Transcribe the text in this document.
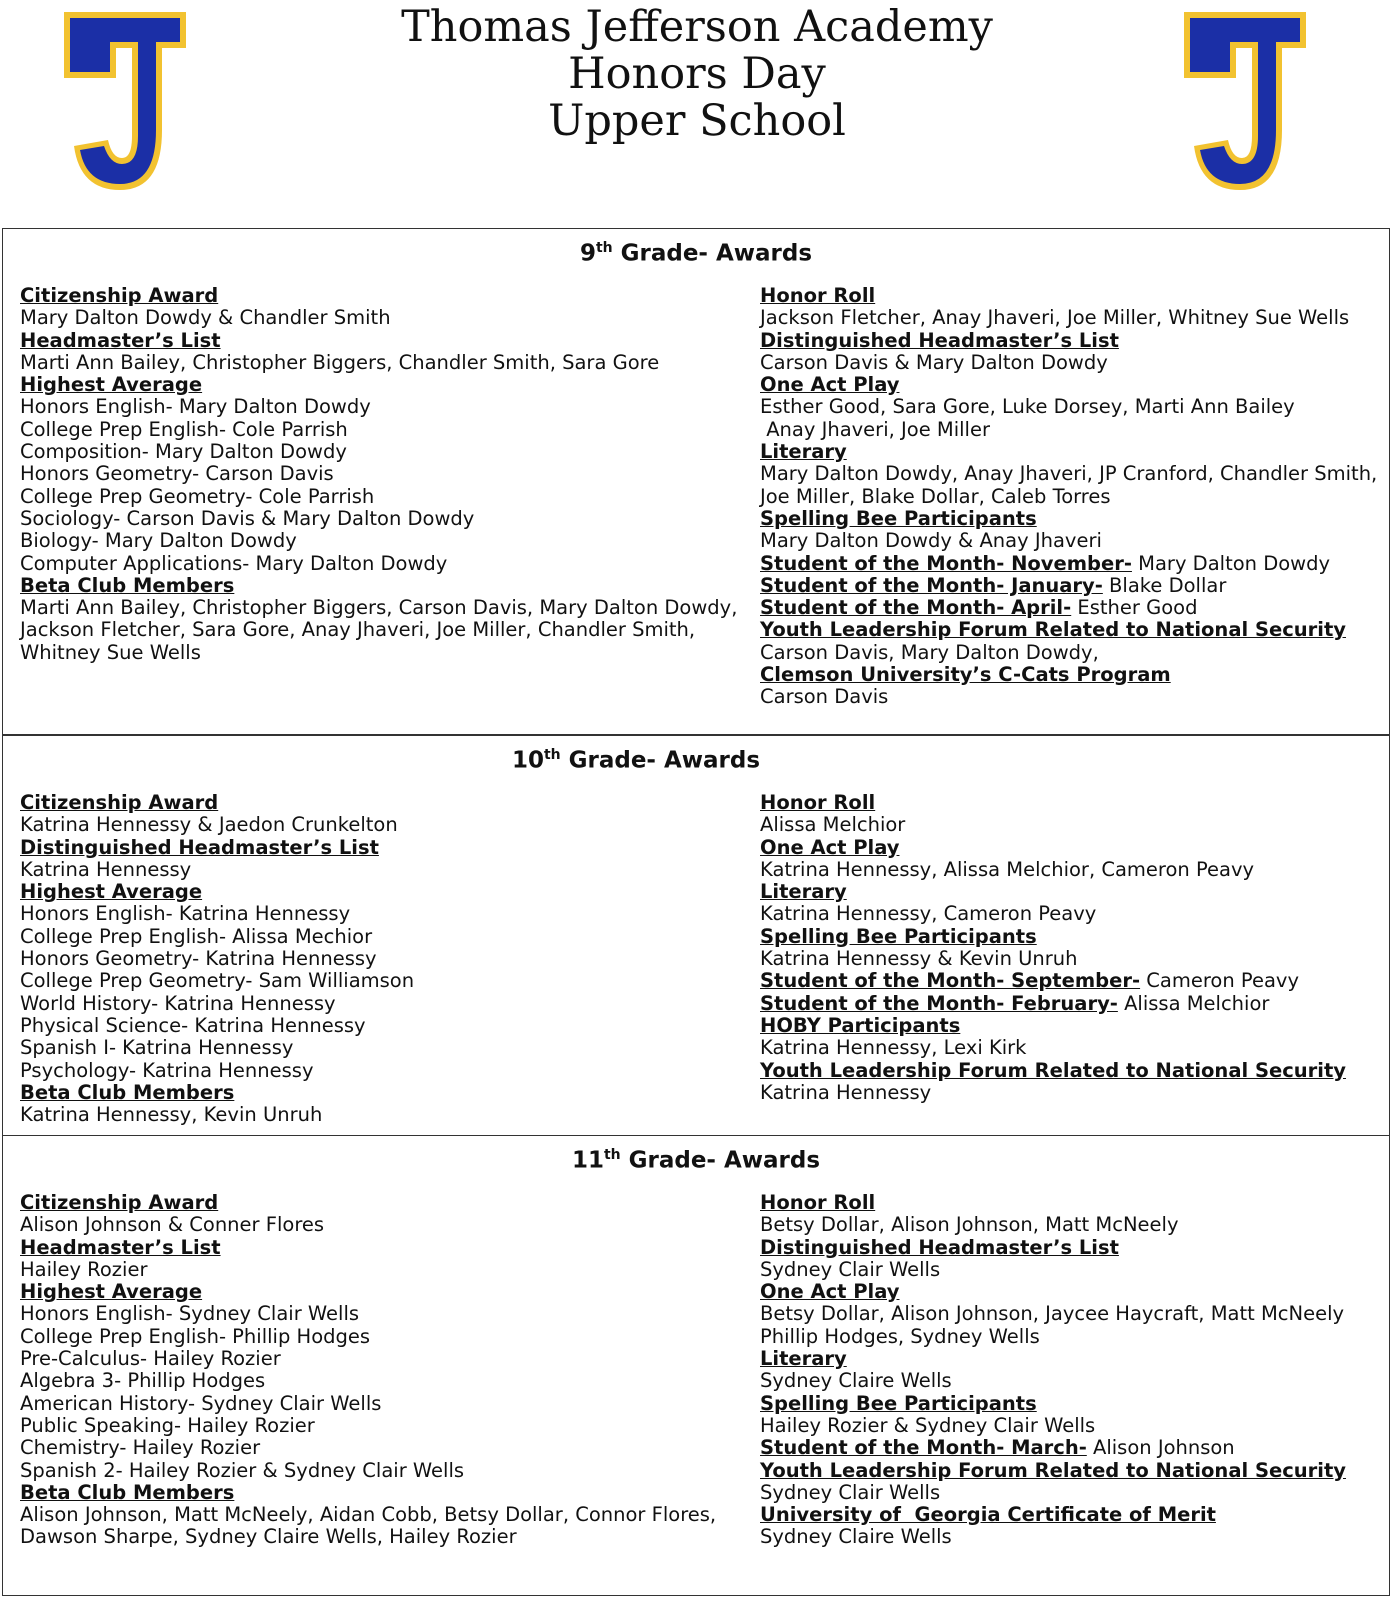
TJ	Thomas Jefferson Academy
Honors Day
Upper School
9th Grade- Awards
Citizenship Award
Mary Dalton Dowdy & Chandler Smith
Headmaster’s List
Marti Ann Bailey, Christopher Biggers, Chandler Smith, Sara Gore
Highest Average
Honors English- Mary Dalton Dowdy
College Prep English- Cole Parrish
Composition- Mary Dalton Dowdy
Honors Geometry- Carson Davis
College Prep Geometry- Cole Parrish
Sociology- Carson Davis & Mary Dalton Dowdy
Biology- Mary Dalton Dowdy
Computer Applications- Mary Dalton Dowdy
Beta Club Members
Marti Ann Bailey, Christopher Biggers, Carson Davis, Mary Dalton Dowdy,
Jackson Fletcher, Sara Gore, Anay Jhaveri, Joe Miller, Chandler Smith,
Whitney Sue Wells
Honor Roll
Jackson Fletcher, Anay Jhaveri, Joe Miller, Whitney Sue Wells
Distinguished Headmaster’s List
Carson Davis & Mary Dalton Dowdy
One Act Play
Esther Good, Sara Gore, Luke Dorsey, Marti Ann Bailey
Anay Jhaveri, Joe Miller
Literary
Mary Dalton Dowdy, Anay Jhaveri, JP Cranford, Chandler Smith,
Joe Miller, Blake Dollar, Caleb Torres
Spelling Bee Participants
Mary Dalton Dowdy & Anay Jhaveri
Student of the Month- November- Mary Dalton Dowdy
Student of the Month- January- Blake Dollar
Student of the Month- April- Esther Good
Youth Leadership Forum Related to National Security
Carson Davis, Mary Dalton Dowdy,
Clemson University’s C-Cats Program
Carson Davis
10th Grade- Awards
Citizenship Award
Katrina Hennessy & Jaedon Crunkelton
Distinguished Headmaster’s List
Katrina Hennessy
Highest Average
Honors English- Katrina Hennessy
College Prep English- Alissa Mechior
Honors Geometry- Katrina Hennessy
College Prep Geometry- Sam Williamson
World History- Katrina Hennessy
Physical Science- Katrina Hennessy
Spanish I- Katrina Hennessy
Psychology- Katrina Hennessy
Beta Club Members
Katrina Hennessy, Kevin Unruh
Honor Roll
Alissa Melchior
One Act Play
Katrina Hennessy, Alissa Melchior, Cameron Peavy
Literary
Katrina Hennessy, Cameron Peavy
Spelling Bee Participants
Katrina Hennessy & Kevin Unruh
Student of the Month- September- Cameron Peavy
Student of the Month- February- Alissa Melchior
HOBY Participants
Katrina Hennessy, Lexi Kirk
Youth Leadership Forum Related to National Security
Katrina Hennessy
11th Grade- Awards
Citizenship Award
Alison Johnson & Conner Flores
Headmaster’s List
Hailey Rozier
Highest Average
Honors English- Sydney Clair Wells
College Prep English- Phillip Hodges
Pre-Calculus- Hailey Rozier
Algebra 3- Phillip Hodges
American History- Sydney Clair Wells
Public Speaking- Hailey Rozier
Chemistry- Hailey Rozier
Spanish 2- Hailey Rozier & Sydney Clair Wells
Beta Club Members
Alison Johnson, Matt McNeely, Aidan Cobb, Betsy Dollar, Connor Flores,
Dawson Sharpe, Sydney Claire Wells, Hailey Rozier
Honor Roll
Betsy Dollar, Alison Johnson, Matt McNeely
Distinguished Headmaster’s List
Sydney Clair Wells
One Act Play
Betsy Dollar, Alison Johnson, Jaycee Haycraft, Matt McNeely
Phillip Hodges, Sydney Wells
Literary
Sydney Claire Wells
Spelling Bee Participants
Hailey Rozier & Sydney Clair Wells
Student of the Month- March- Alison Johnson
Youth Leadership Forum Related to National Security
Sydney Clair Wells
University of  Georgia Certificate of Merit
Sydney Claire Wells
